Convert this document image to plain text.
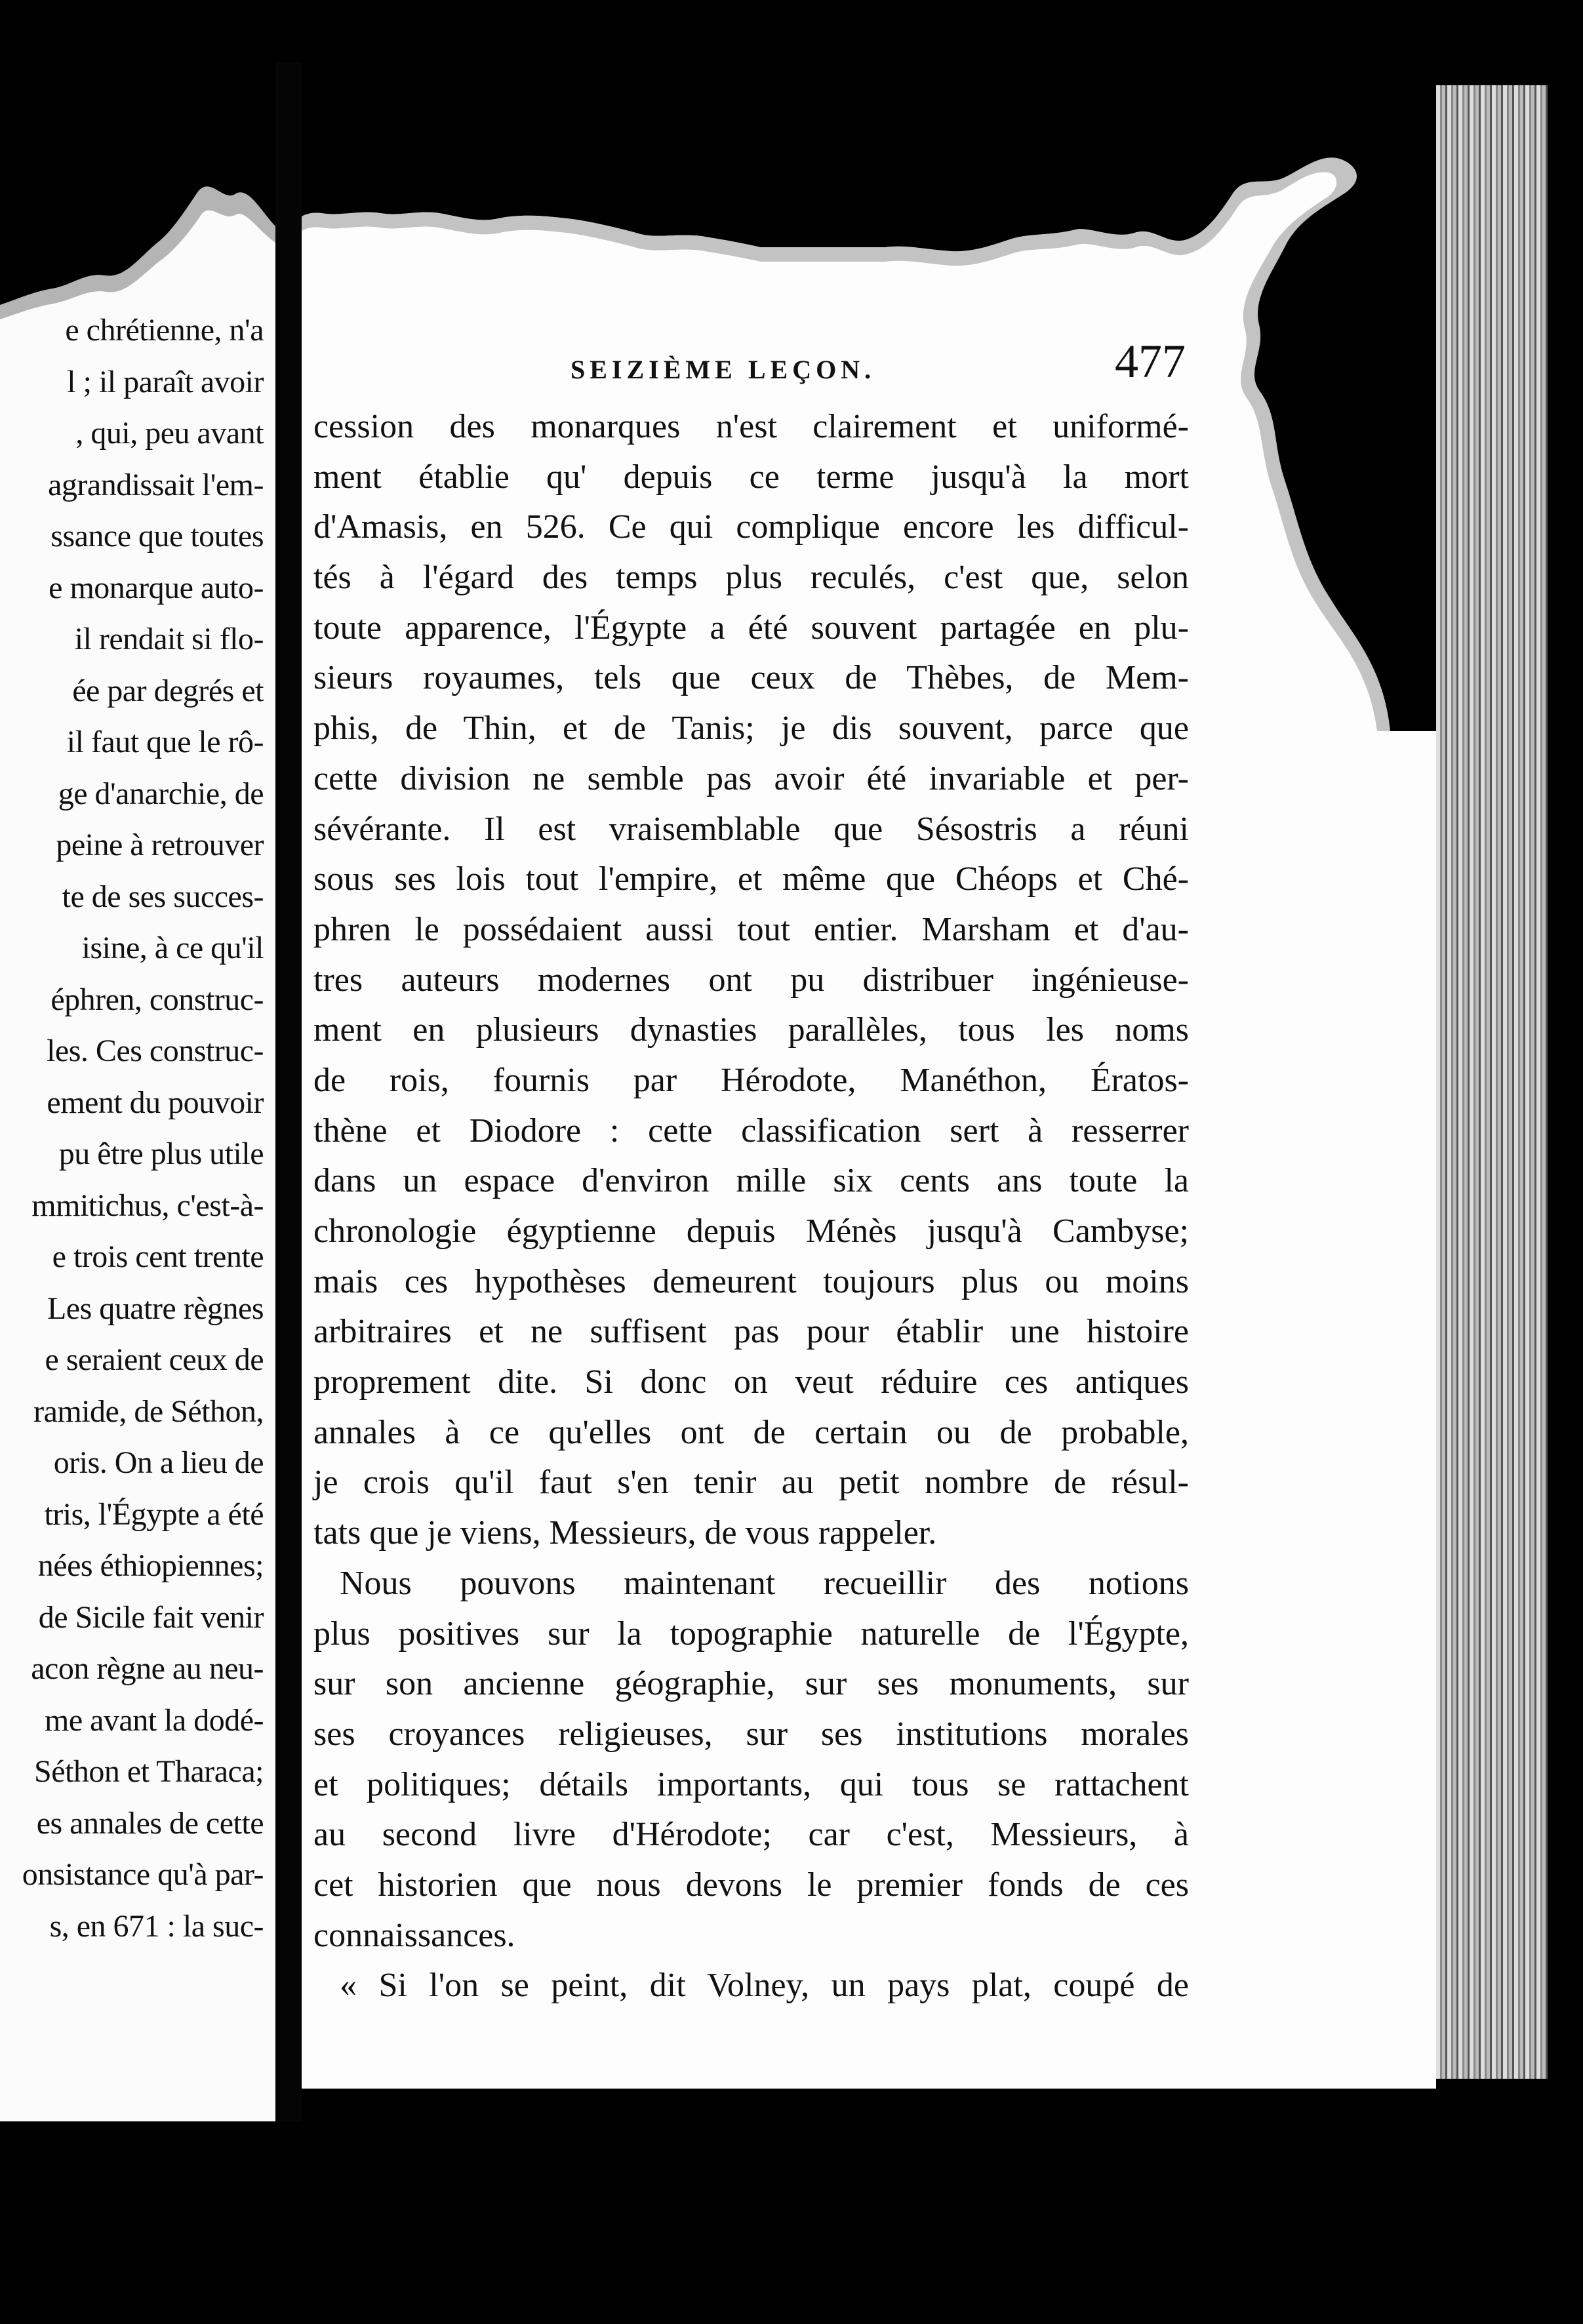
e chrétienne, n'a
l ; il paraît avoir
, qui, peu avant
agrandissait l'em-
ssance que toutes
e monarque auto-
il rendait si flo-
ée par degrés et
il faut que le rô-
ge d'anarchie, de
peine à retrouver
te de ses succes-
isine, à ce qu'il
éphren, construc-
les. Ces construc-
ement du pouvoir
pu être plus utile
mmitichus, c'est-à-
e trois cent trente
Les quatre règnes
e seraient ceux de
ramide, de Séthon,
oris. On a lieu de
tris, l'Égypte a été
nées éthiopiennes;
de Sicile fait venir
acon règne au neu-
me avant la dodé-
Séthon et Tharaca;
es annales de cette
onsistance qu'à par-
s, en 671 : la suc-
SEIZIÈME LEÇON.	477
cession des monarques n'est clairement et uniformé-
ment établie qu' depuis ce terme jusqu'à la mort
d'Amasis, en 526. Ce qui complique encore les difficul-
tés à l'égard des temps plus reculés, c'est que, selon
toute apparence, l'Égypte a été souvent partagée en plu-
sieurs royaumes, tels que ceux de Thèbes, de Mem-
phis, de Thin, et de Tanis; je dis souvent, parce que
cette division ne semble pas avoir été invariable et per-
sévérante. Il est vraisemblable que Sésostris a réuni
sous ses lois tout l'empire, et même que Chéops et Ché-
phren le possédaient aussi tout entier. Marsham et d'au-
tres auteurs modernes ont pu distribuer ingénieuse-
ment en plusieurs dynasties parallèles, tous les noms
de rois, fournis par Hérodote, Manéthon, Ératos-
thène et Diodore : cette classification sert à resserrer
dans un espace d'environ mille six cents ans toute la
chronologie égyptienne depuis Ménès jusqu'à Cambyse;
mais ces hypothèses demeurent toujours plus ou moins
arbitraires et ne suffisent pas pour établir une histoire
proprement dite. Si donc on veut réduire ces antiques
annales à ce qu'elles ont de certain ou de probable,
je crois qu'il faut s'en tenir au petit nombre de résul-
tats que je viens, Messieurs, de vous rappeler.
Nous pouvons maintenant recueillir des notions
plus positives sur la topographie naturelle de l'Égypte,
sur son ancienne géographie, sur ses monuments, sur
ses croyances religieuses, sur ses institutions morales
et politiques; détails importants, qui tous se rattachent
au second livre d'Hérodote; car c'est, Messieurs, à
cet historien que nous devons le premier fonds de ces
connaissances.
« Si l'on se peint, dit Volney, un pays plat, coupé de
